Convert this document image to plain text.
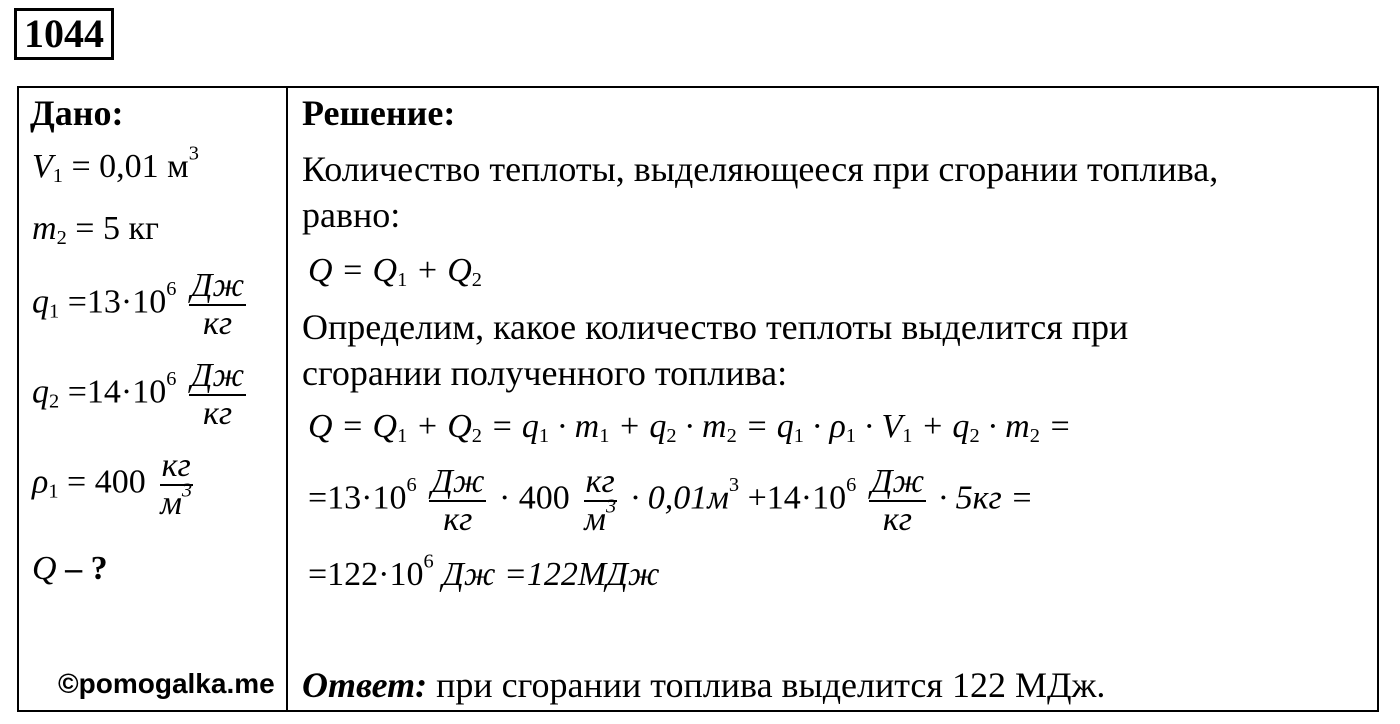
1044
Дано:
$V_1 = 0,01$ $м^3$
$m_2 = 5$ кг
$q_1 =13\cdot 10^6 \frac{Дж}{кг}$
$q_2 =14\cdot 10^6 \frac{Дж}{кг}$
$\rho_1 = 400 \frac{кг}{м^3}$
Q – ?
Решение:
Количество теплоты, выделяющееся при сгорании топлива,
равно:
$Q = Q_1 + Q_2$
Определим, какое количество теплоты выделится при
сгорании полученного топлива:
$Q = Q_1 + Q_2 = q_1 \cdot m_1 + q_2 \cdot m_2 = q_1 \cdot \rho_1 \cdot V_1 + q_2 \cdot m_2$ =
$=13\cdot 10^6 \frac{Дж}{кг} \cdot 400 \frac{кг}{м^3} \cdot 0,01м^3 +14\cdot 10^6 \frac{Дж}{кг} \cdot 5кг$ =
$=122\cdot 10^6$ Дж =122МДж
Ответ: при сгорании топлива выделится 122 МДж.
©pomogalka.me
